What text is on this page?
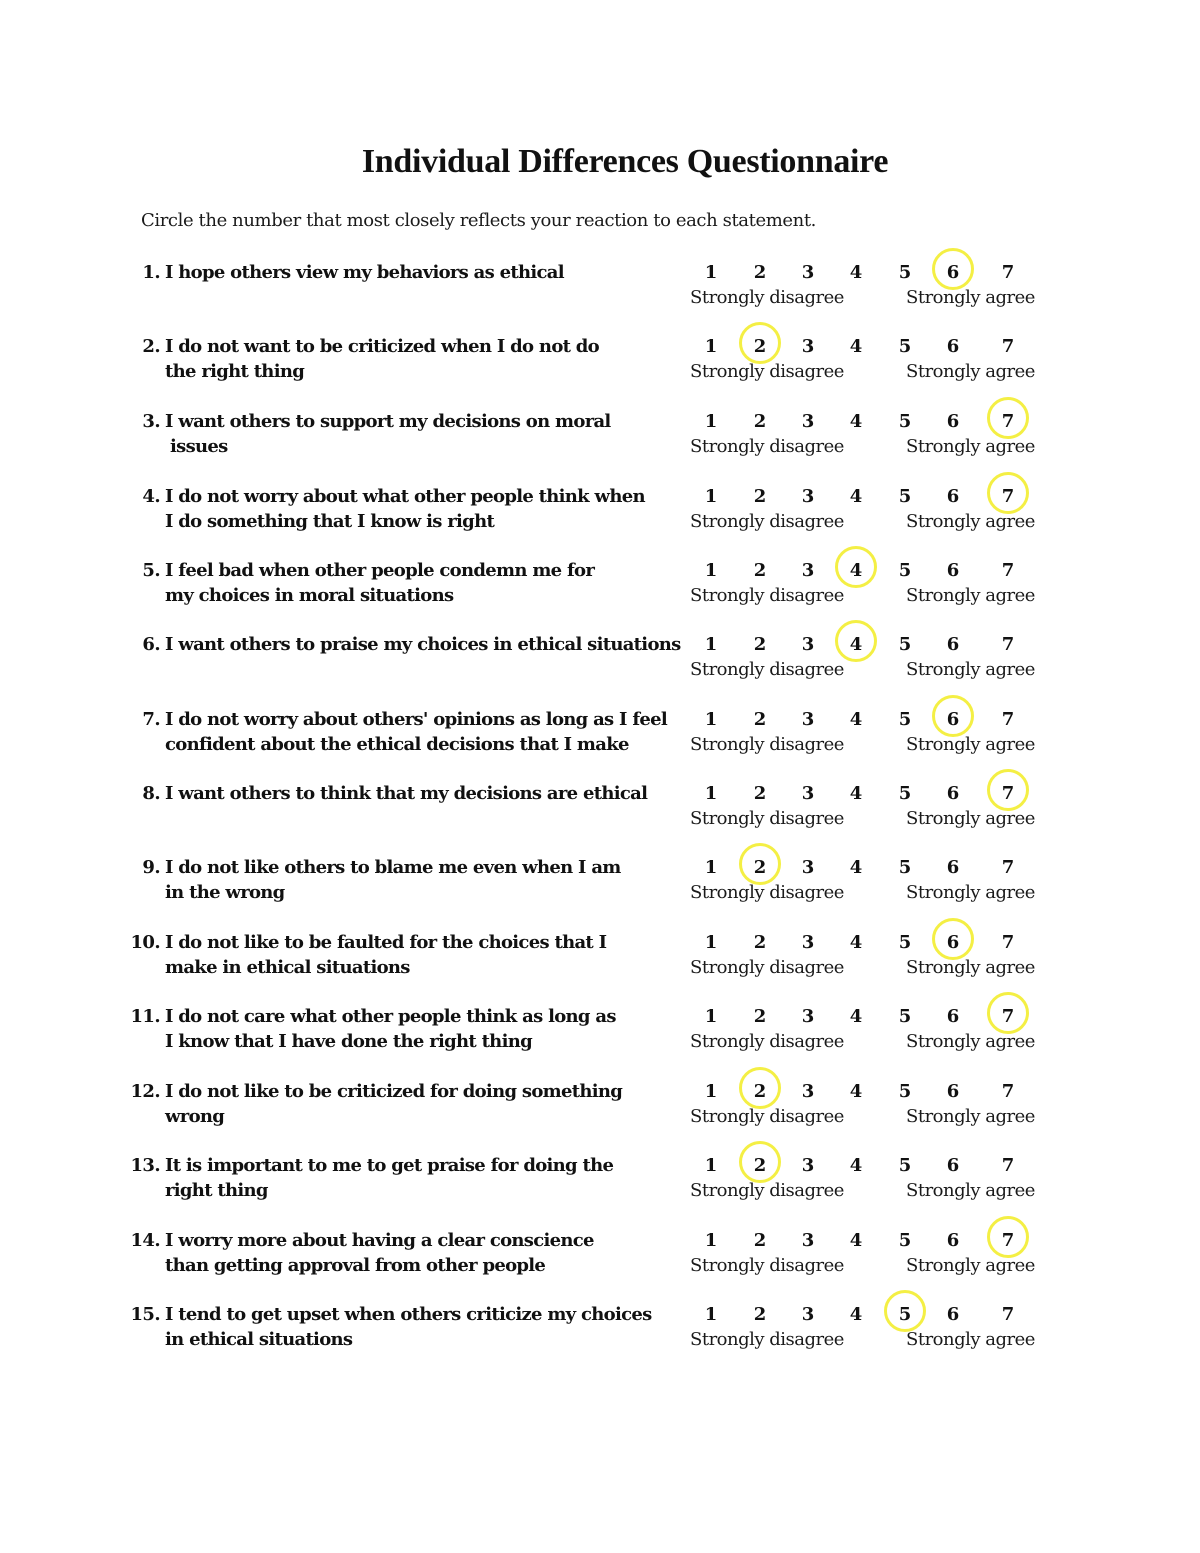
Individual Differences Questionnaire
Circle the number that most closely reflects your reaction to each statement.
1. I hope others view my behaviors as ethical	1	2	3	4	5	6	7
Strongly disagree	Strongly agree
2. I do not want to be criticized when I do not do
the right thing
1	2	3	4	5	6	7
Strongly disagree	Strongly agree
3. I want others to support my decisions on moral
issues
1	2	3	4	5	6	7
Strongly disagree	Strongly agree
4. I do not worry about what other people think when
I do something that I know is right
1	2	3	4	5	6	7
Strongly disagree	Strongly agree
5. I feel bad when other people condemn me for
my choices in moral situations
1	2	3	4	5	6	7
Strongly disagree	Strongly agree
6. I want others to praise my choices in ethical situations	1	2	3	4	5	6	7
Strongly disagree	Strongly agree
7. I do not worry about others' opinions as long as I feel
confident about the ethical decisions that I make
1	2	3	4	5	6	7
Strongly disagree	Strongly agree
8. I want others to think that my decisions are ethical	1	2	3	4	5	6	7
Strongly disagree	Strongly agree
9. I do not like others to blame me even when I am
in the wrong
1	2	3	4	5	6	7
Strongly disagree	Strongly agree
10. I do not like to be faulted for the choices that I
make in ethical situations
1	2	3	4	5	6	7
Strongly disagree	Strongly agree
11. I do not care what other people think as long as
I know that I have done the right thing
1	2	3	4	5	6	7
Strongly disagree	Strongly agree
12. I do not like to be criticized for doing something
wrong
1	2	3	4	5	6	7
Strongly disagree	Strongly agree
13. It is important to me to get praise for doing the
right thing
1	2	3	4	5	6	7
Strongly disagree	Strongly agree
14. I worry more about having a clear conscience
than getting approval from other people
1	2	3	4	5	6	7
Strongly disagree	Strongly agree
15. I tend to get upset when others criticize my choices
in ethical situations
1	2	3	4	5	6	7
Strongly disagree	Strongly agree
